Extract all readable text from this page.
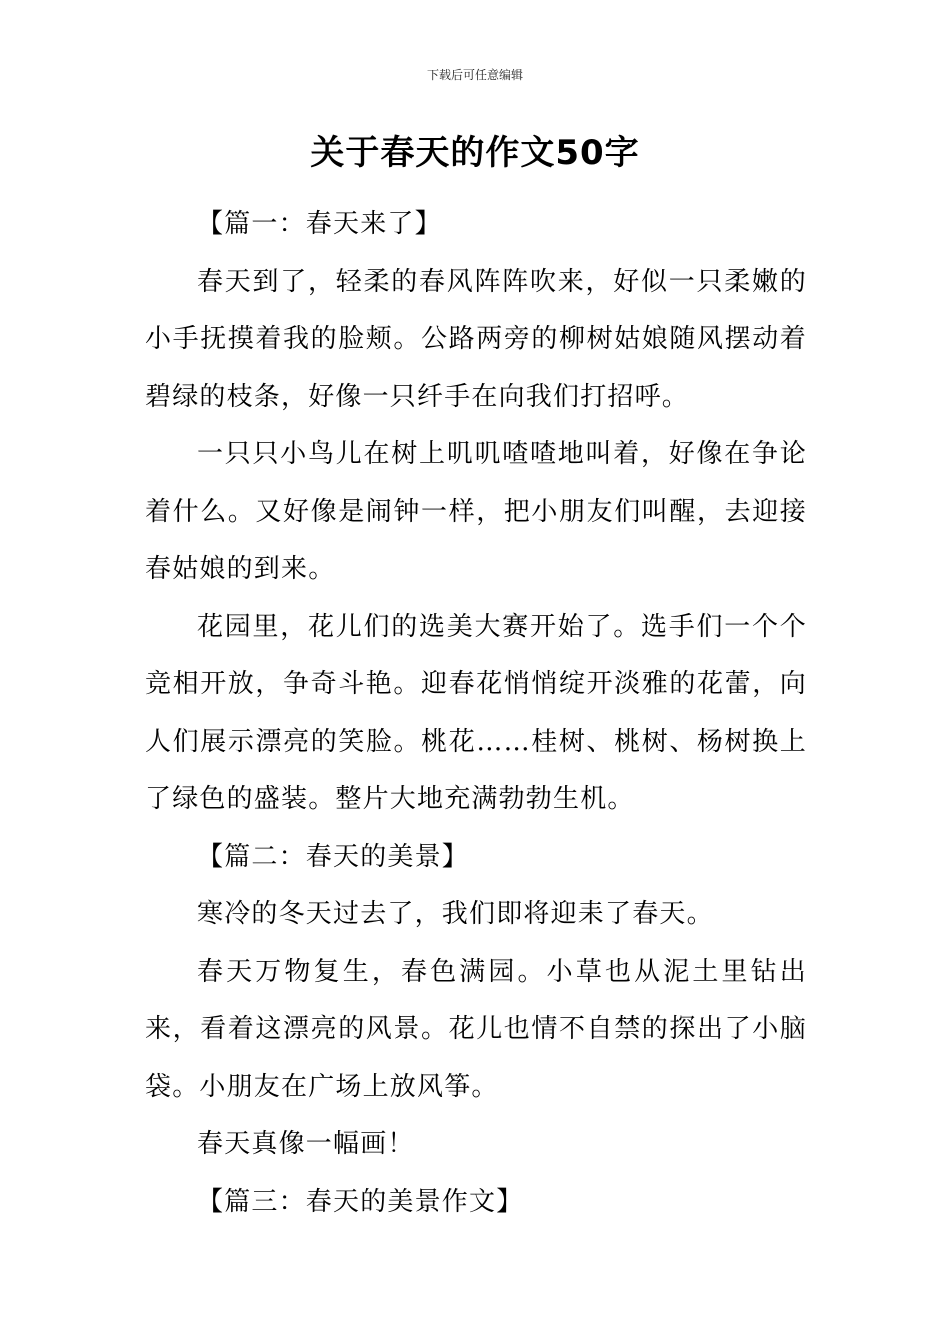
下载后可任意编辑
关于春天的作文50字

【篇一：春天来了】

春天到了，轻柔的春风阵阵吹来，好似一只柔嫩的小手抚摸着我的脸颊。公路两旁的柳树姑娘随风摆动着碧绿的枝条，好像一只纤手在向我们打招呼。

一只只小鸟儿在树上叽叽喳喳地叫着，好像在争论着什么。又好像是闹钟一样，把小朋友们叫醒，去迎接春姑娘的到来。

花园里，花儿们的选美大赛开始了。选手们一个个竞相开放，争奇斗艳。迎春花悄悄绽开淡雅的花蕾，向人们展示漂亮的笑脸。桃花……桂树、桃树、杨树换上了绿色的盛装。整片大地充满勃勃生机。

【篇二：春天的美景】

寒冷的冬天过去了，我们即将迎耒了春天。

春天万物复生，春色满园。小草也从泥土里钻出来，看着这漂亮的风景。花儿也情不自禁的探出了小脑袋。小朋友在广场上放风筝。

春天真像一幅画！

【篇三：春天的美景作文】
